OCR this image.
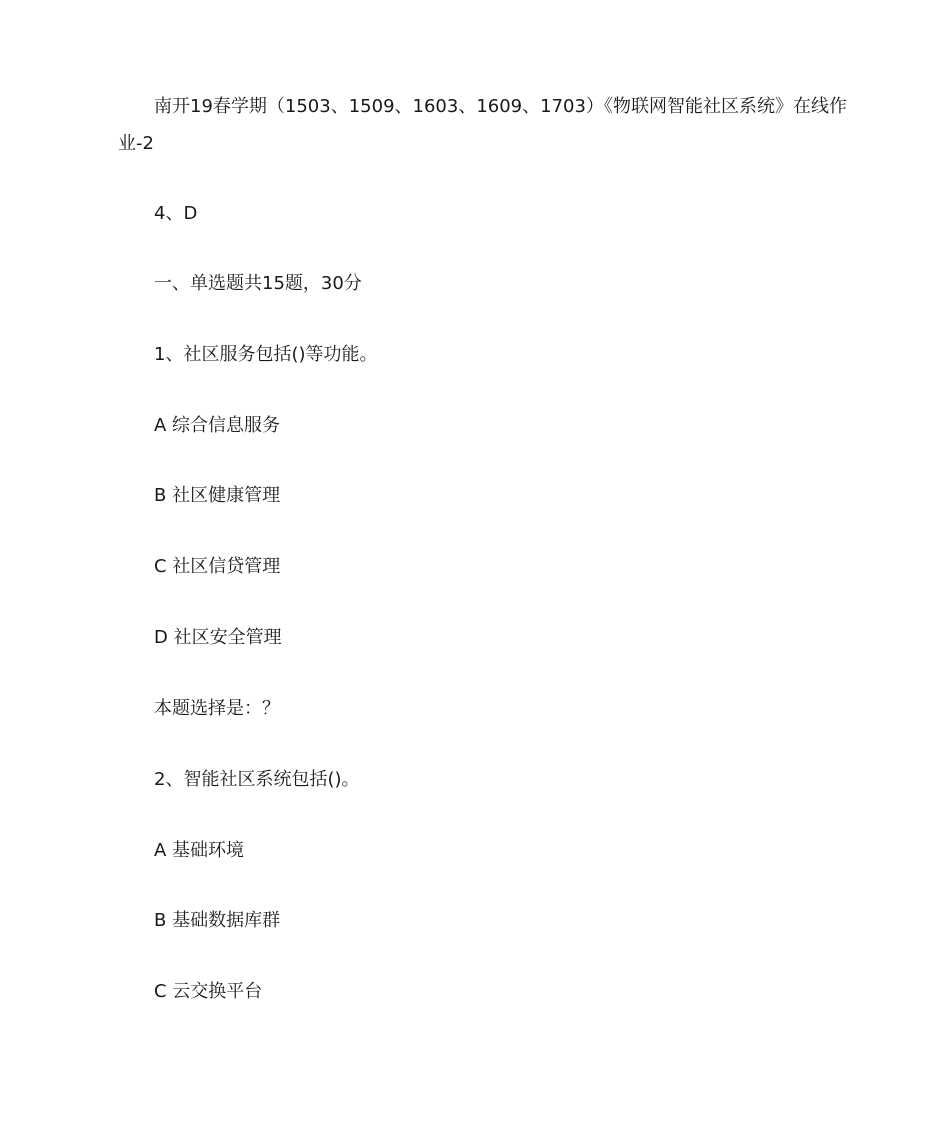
南开19春学期（1503、1509、1603、1609、1703）《物联网智能社区系统》在线作
业-2

4、D

一、单选题共15题，30分

1、社区服务包括()等功能。

A 综合信息服务

B 社区健康管理

C 社区信贷管理

D 社区安全管理

本题选择是：？

2、智能社区系统包括()。

A 基础环境

B 基础数据库群

C 云交换平台
